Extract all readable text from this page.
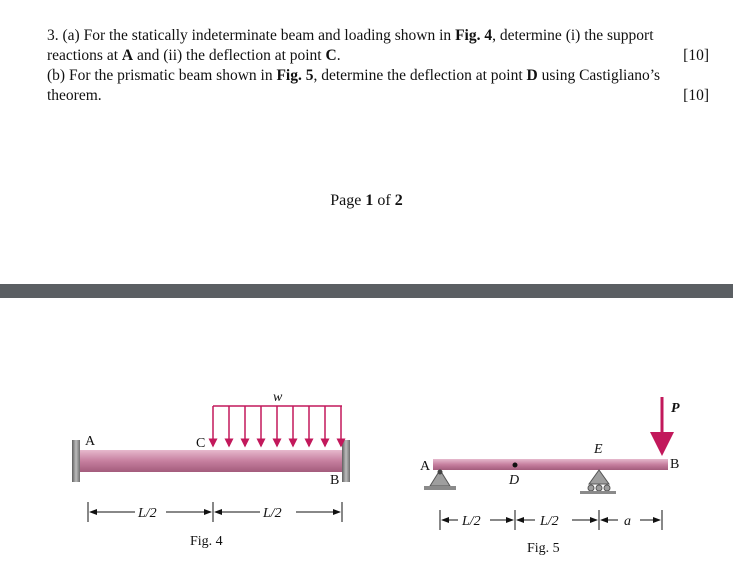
3. (a) For the statically indeterminate beam and loading shown in Fig. 4, determine (i) the support
reactions at A and (ii) the deflection at point C.	[10]
(b) For the prismatic beam shown in Fig. 5, determine the deflection at point D using Castigliano’s
theorem.	[10]
Page 1 of 2
A	C
B
w
L/2	L/2
Fig. 4
A	B
D
E
P
L/2	L/2	a
Fig. 5
